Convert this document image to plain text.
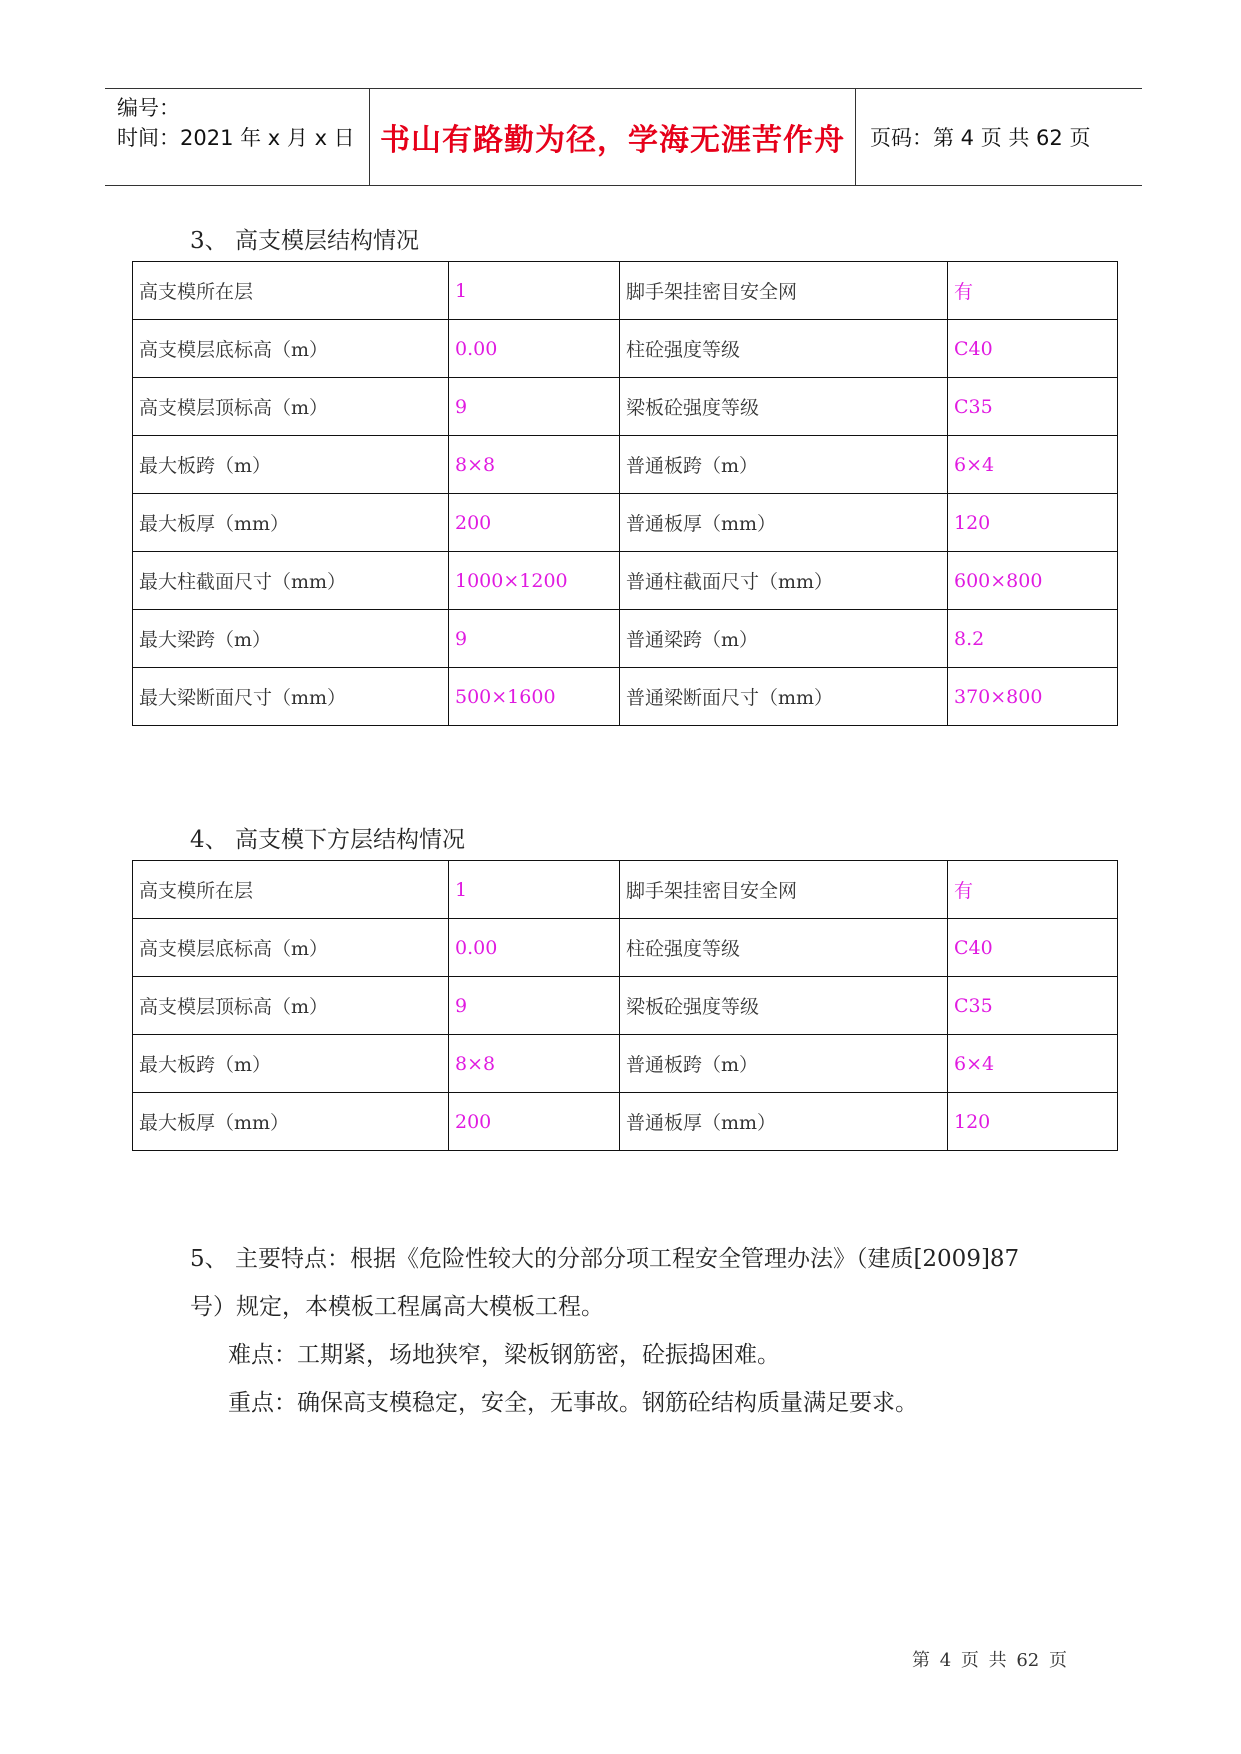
编号：
时间：2021 年 x 月 x 日 书山有路勤为径，学海无涯苦作舟	页码：第 4 页 共 62 页
3、 高支模层结构情况
高支模所在层	1	脚手架挂密目安全网	有
高支模层底标高（m）	0.00	柱砼强度等级	C40
高支模层顶标高（m）	9	梁板砼强度等级	C35
最大板跨（m）	8×8	普通板跨（m）	6×4
最大板厚（mm）	200	普通板厚（mm）	120
最大柱截面尺寸（mm）	1000×1200	普通柱截面尺寸（mm）	600×800
最大梁跨（m）	9	普通梁跨（m）	8.2
最大梁断面尺寸（mm）	500×1600	普通梁断面尺寸（mm）	370×800
4、 高支模下方层结构情况
高支模所在层	1	脚手架挂密目安全网	有
高支模层底标高（m）	0.00	柱砼强度等级	C40
高支模层顶标高（m）	9	梁板砼强度等级	C35
最大板跨（m）	8×8	普通板跨（m）	6×4
最大板厚（mm）	200	普通板厚（mm）	120
5、 主要特点：根据《危险性较大的分部分项工程安全管理办法》（建质[2009]87
号）规定，本模板工程属高大模板工程。
难点：工期紧，场地狭窄，梁板钢筋密，砼振捣困难。
重点：确保高支模稳定，安全，无事故。钢筋砼结构质量满足要求。
第 4 页 共 62 页
